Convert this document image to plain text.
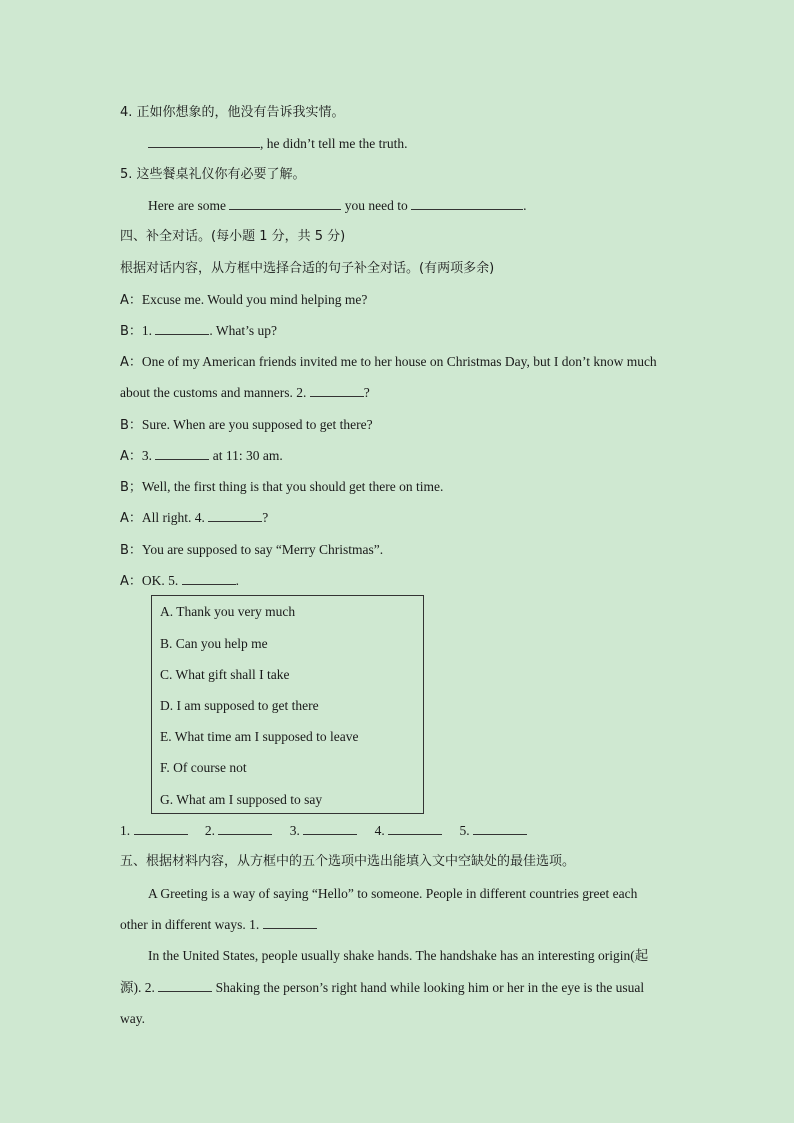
4. 正如你想象的，他没有告诉我实情。
, he didn’t tell me the truth.
5. 这些餐桌礼仪你有必要了解。
Here are some	you need to	.
四、补全对话。(每小题 1 分，共 5 分)
根据对话内容，从方框中选择合适的句子补全对话。(有两项多余)
A：Excuse me. Would you mind helping me?
B：1.	. What’s up?
A：One of my American friends invited me to her house on Christmas Day, but I don’t know much
about the customs and manners. 2.	?
B：Sure. When are you supposed to get there?
A：3.	at 11: 30 am.
B；Well, the first thing is that you should get there on time.
A：All right. 4.	?
B：You are supposed to say “Merry Christmas”.
A：OK. 5.	.
A. Thank you very much
B. Can you help me
C. What gift shall I take
D. I am supposed to get there
E. What time am I supposed to leave
F. Of course not
G. What am I supposed to say
1.	2.	3.	4.	5.
五、根据材料内容，从方框中的五个选项中选出能填入文中空缺处的最佳选项。
A Greeting is a way of saying “Hello” to someone. People in different countries greet each
other in different ways. 1.
In the United States, people usually shake hands. The handshake has an interesting origin(起
源). 2.	Shaking the person’s right hand while looking him or her in the eye is the usual
way.
